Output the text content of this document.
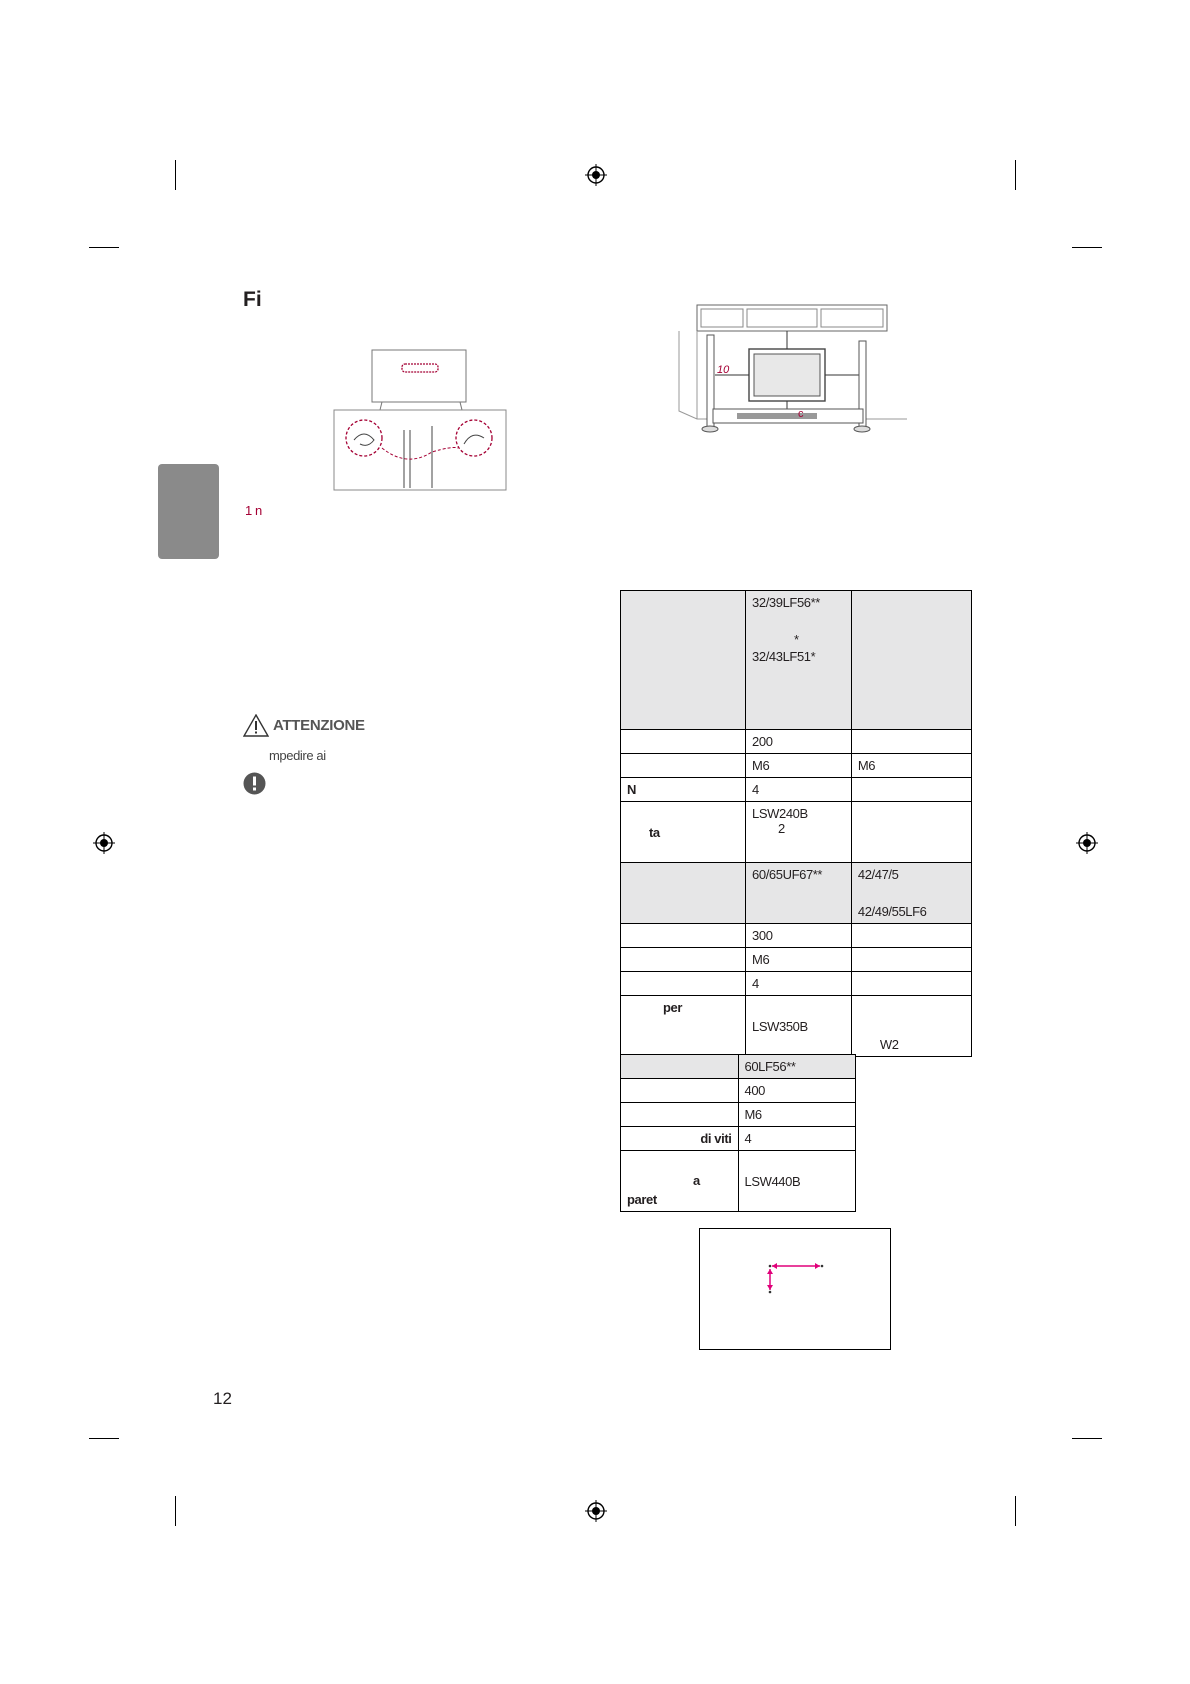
Fi
1 n
10
c

	32/39LF56**
*
32/43LF51*	

	200	
	M6	M6
N	4	
ta	LSW240B
2	

	60/65UF67**	42/47/5
42/49/55LF6

	300	
	M6	
	4	
per	LSW350B	W2
	60LF56**
	400
	M6
di viti	4

a
paret	LSW440B
ATTENZIONE
mpedire ai
12
